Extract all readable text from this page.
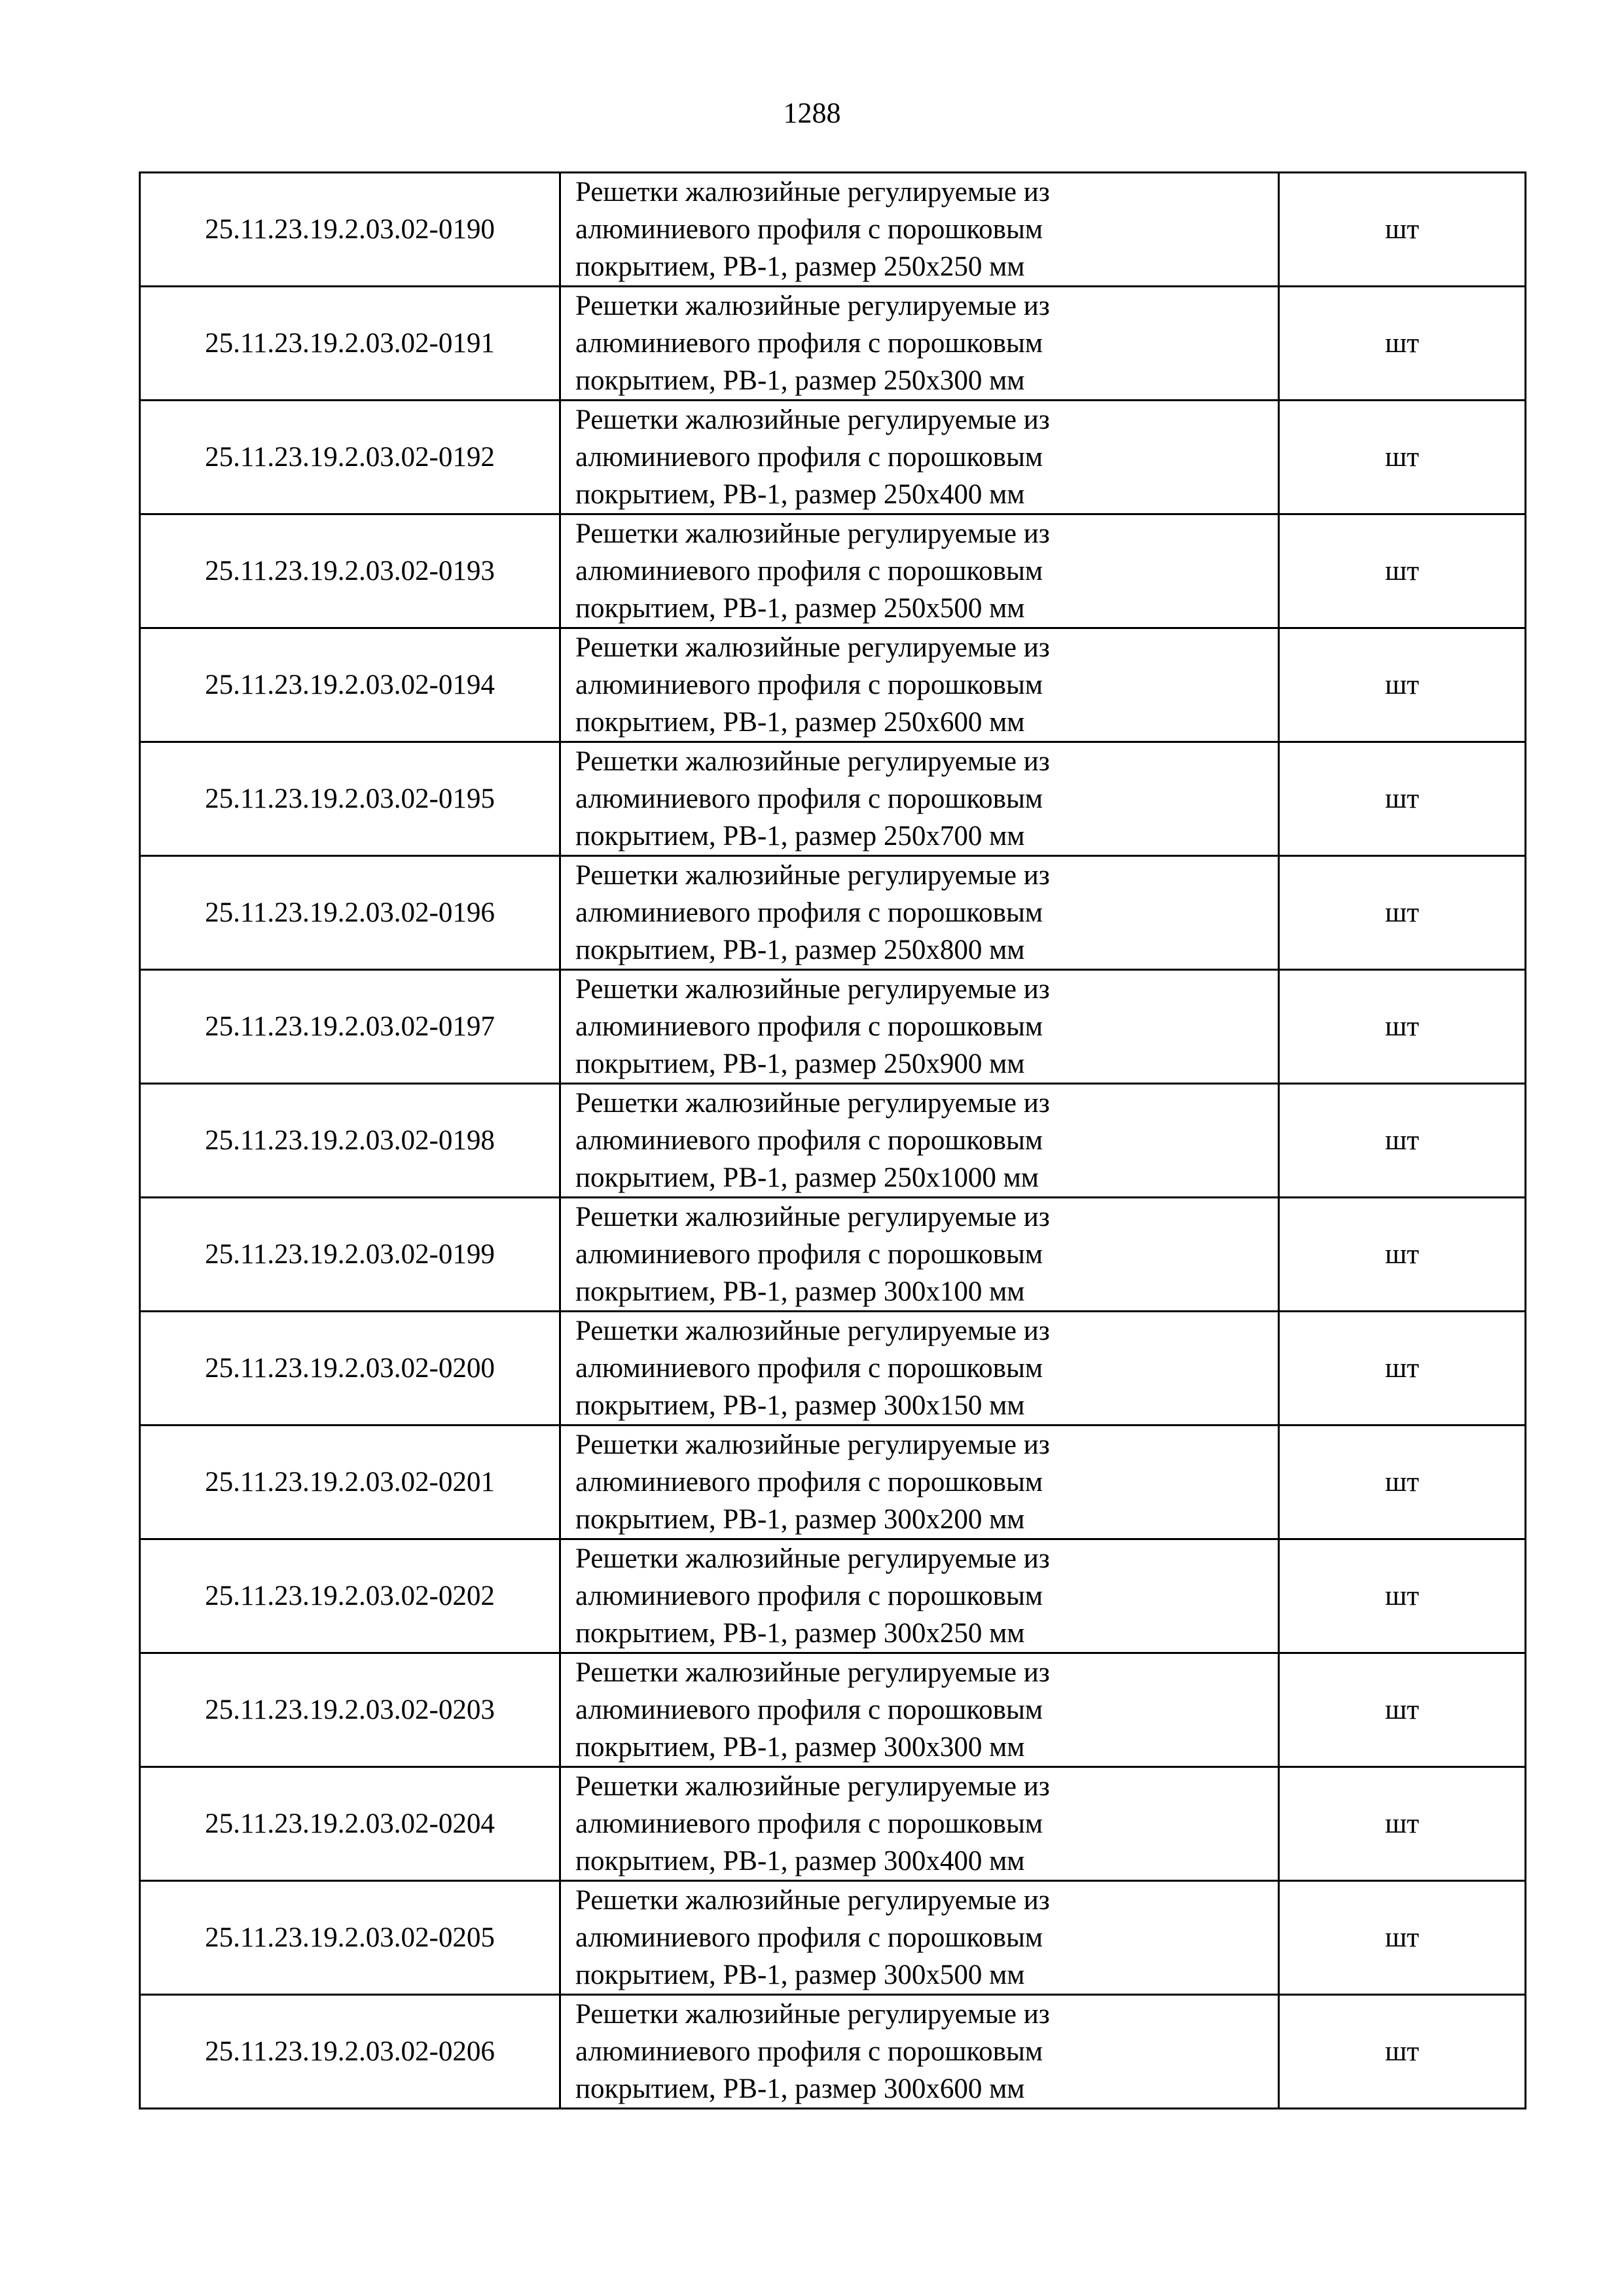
1288
25.11.23.19.2.03.02-0190	Решетки жалюзийные регулируемые из
алюминиевого профиля с порошковым
покрытием, РВ-1, размер 250x250 мм	шт
25.11.23.19.2.03.02-0191	Решетки жалюзийные регулируемые из
алюминиевого профиля с порошковым
покрытием, РВ-1, размер 250x300 мм	шт
25.11.23.19.2.03.02-0192	Решетки жалюзийные регулируемые из
алюминиевого профиля с порошковым
покрытием, РВ-1, размер 250x400 мм	шт
25.11.23.19.2.03.02-0193	Решетки жалюзийные регулируемые из
алюминиевого профиля с порошковым
покрытием, РВ-1, размер 250x500 мм	шт
25.11.23.19.2.03.02-0194	Решетки жалюзийные регулируемые из
алюминиевого профиля с порошковым
покрытием, РВ-1, размер 250x600 мм	шт
25.11.23.19.2.03.02-0195	Решетки жалюзийные регулируемые из
алюминиевого профиля с порошковым
покрытием, РВ-1, размер 250x700 мм	шт
25.11.23.19.2.03.02-0196	Решетки жалюзийные регулируемые из
алюминиевого профиля с порошковым
покрытием, РВ-1, размер 250x800 мм	шт
25.11.23.19.2.03.02-0197	Решетки жалюзийные регулируемые из
алюминиевого профиля с порошковым
покрытием, РВ-1, размер 250x900 мм	шт
25.11.23.19.2.03.02-0198	Решетки жалюзийные регулируемые из
алюминиевого профиля с порошковым
покрытием, РВ-1, размер 250x1000 мм	шт
25.11.23.19.2.03.02-0199	Решетки жалюзийные регулируемые из
алюминиевого профиля с порошковым
покрытием, РВ-1, размер 300x100 мм	шт
25.11.23.19.2.03.02-0200	Решетки жалюзийные регулируемые из
алюминиевого профиля с порошковым
покрытием, РВ-1, размер 300x150 мм	шт
25.11.23.19.2.03.02-0201	Решетки жалюзийные регулируемые из
алюминиевого профиля с порошковым
покрытием, РВ-1, размер 300x200 мм	шт
25.11.23.19.2.03.02-0202	Решетки жалюзийные регулируемые из
алюминиевого профиля с порошковым
покрытием, РВ-1, размер 300x250 мм	шт
25.11.23.19.2.03.02-0203	Решетки жалюзийные регулируемые из
алюминиевого профиля с порошковым
покрытием, РВ-1, размер 300x300 мм	шт
25.11.23.19.2.03.02-0204	Решетки жалюзийные регулируемые из
алюминиевого профиля с порошковым
покрытием, РВ-1, размер 300x400 мм	шт
25.11.23.19.2.03.02-0205	Решетки жалюзийные регулируемые из
алюминиевого профиля с порошковым
покрытием, РВ-1, размер 300x500 мм	шт
25.11.23.19.2.03.02-0206	Решетки жалюзийные регулируемые из
алюминиевого профиля с порошковым
покрытием, РВ-1, размер 300x600 мм	шт
